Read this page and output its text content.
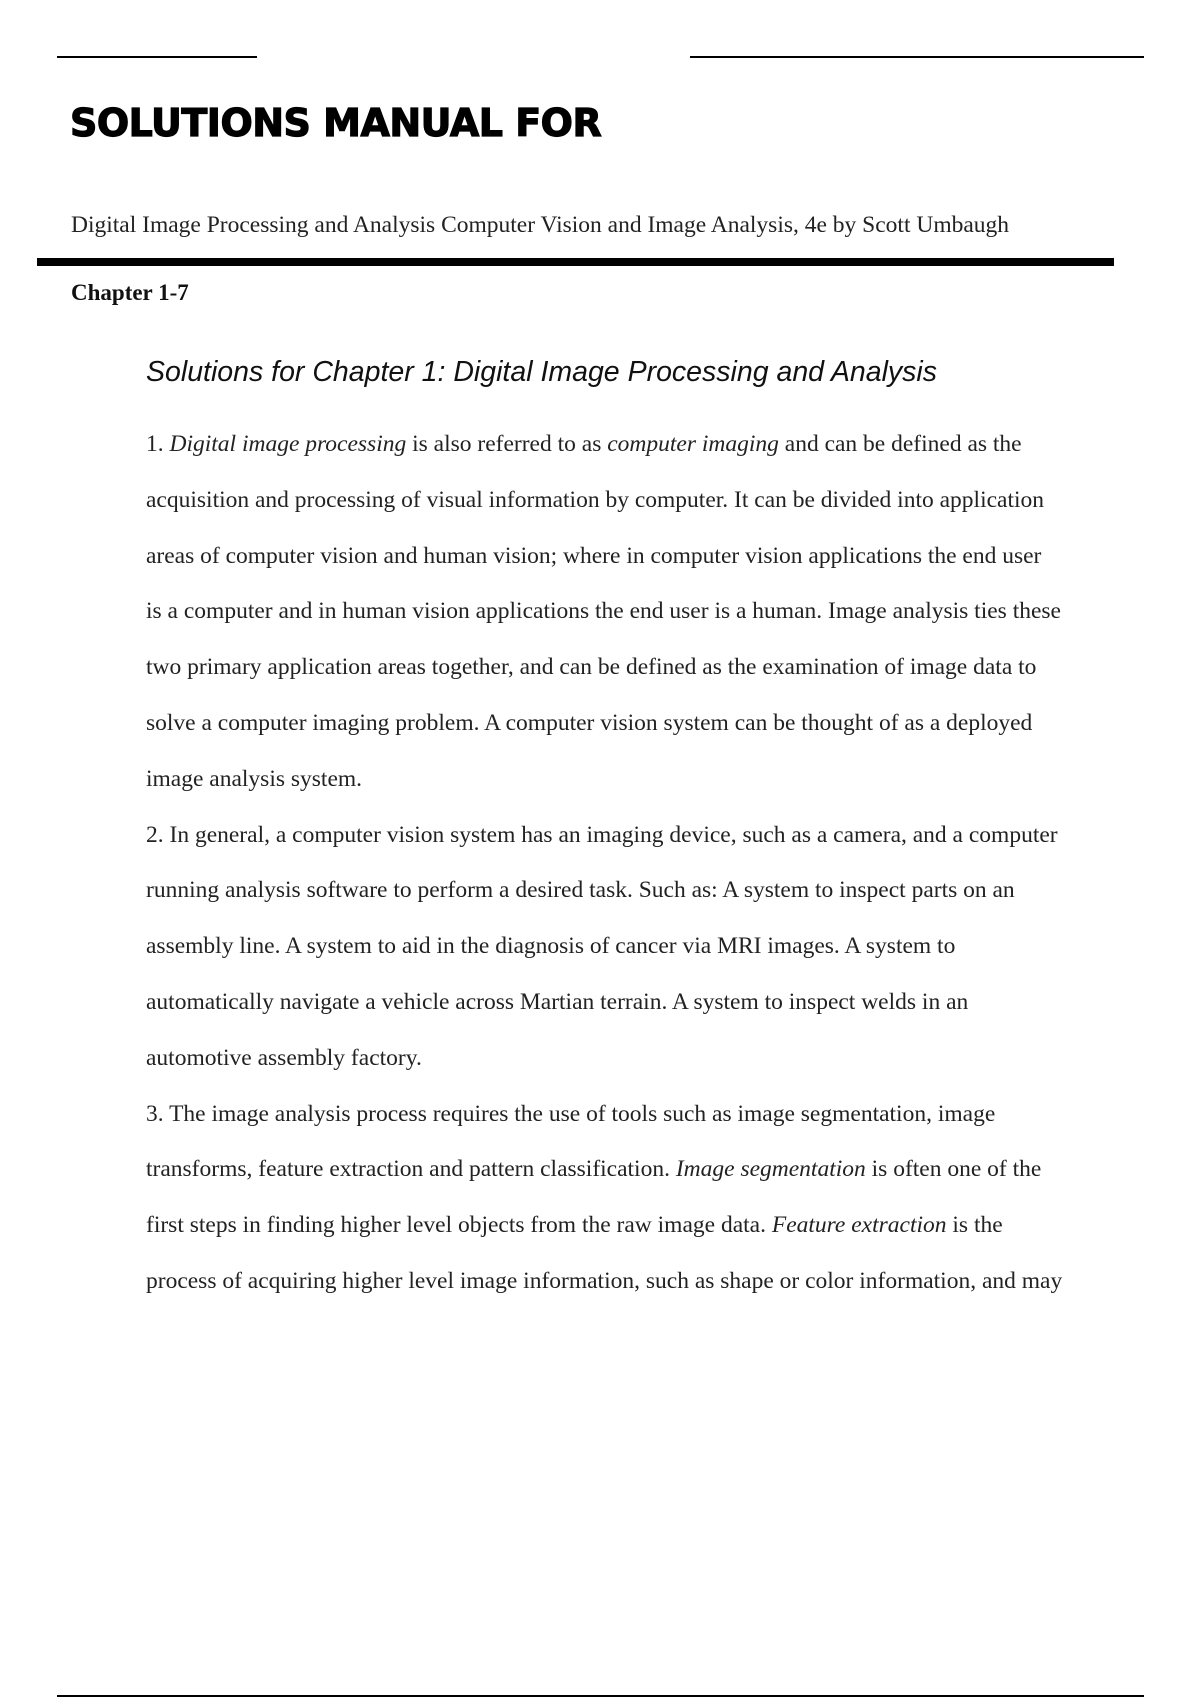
SOLUTIONS MANUAL FOR

Digital Image Processing and Analysis Computer Vision and Image Analysis, 4e by Scott Umbaugh

Chapter 1-7

Solutions for Chapter 1: Digital Image Processing and Analysis
1. Digital image processing is also referred to as computer imaging and can be defined as the
acquisition and processing of visual information by computer. It can be divided into application
areas of computer vision and human vision; where in computer vision applications the end user
is a computer and in human vision applications the end user is a human. Image analysis ties these
two primary application areas together, and can be defined as the examination of image data to
solve a computer imaging problem. A computer vision system can be thought of as a deployed
image analysis system.
2. In general, a computer vision system has an imaging device, such as a camera, and a computer
running analysis software to perform a desired task. Such as: A system to inspect parts on an
assembly line. A system to aid in the diagnosis of cancer via MRI images. A system to
automatically navigate a vehicle across Martian terrain. A system to inspect welds in an
automotive assembly factory.
3. The image analysis process requires the use of tools such as image segmentation, image
transforms, feature extraction and pattern classification. Image segmentation is often one of the
first steps in finding higher level objects from the raw image data. Feature extraction is the
process of acquiring higher level image information, such as shape or color information, and may
